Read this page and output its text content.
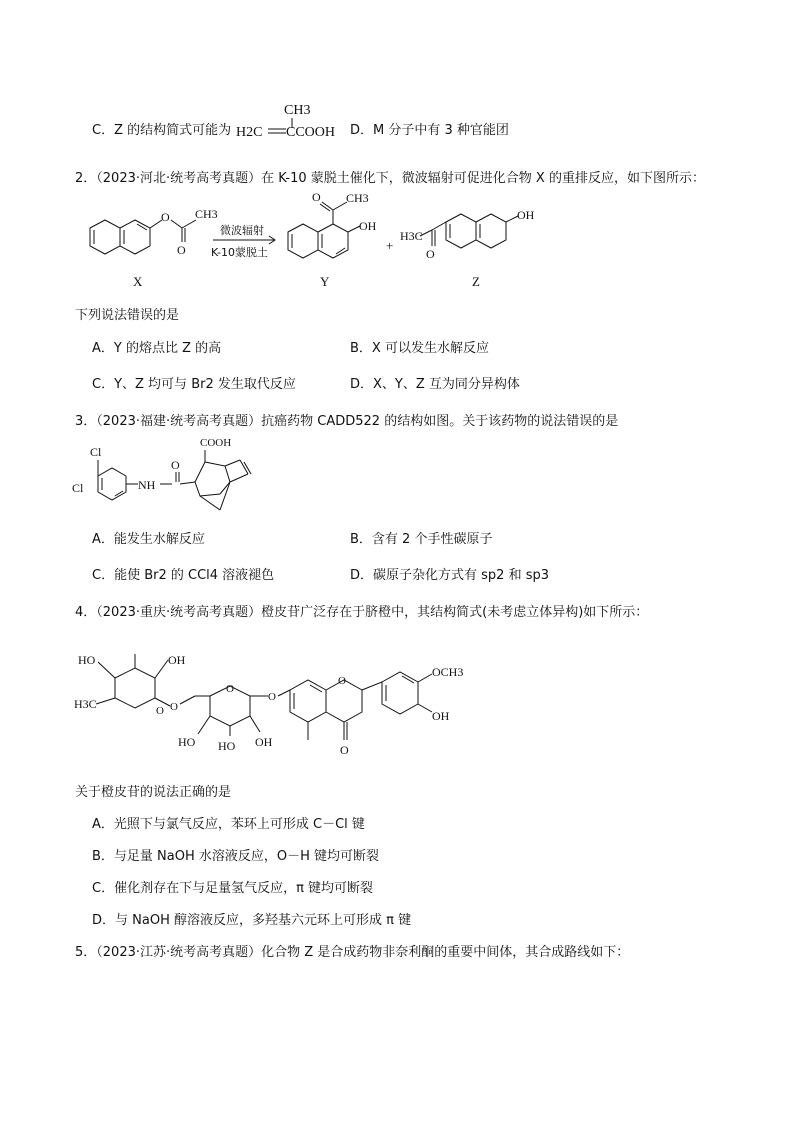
C．Z 的结构简式可能为
CH3
H2C CCOOH D．M 分子中有 3 种官能团
2．（2023·河北·统考高考真题）在 K-10 蒙脱土催化下，微波辐射可促进化合物 X 的重排反应，如下图所示：
O
O
CH3
X
微波辐射
K-10蒙脱土
O CH3
OH
Y
+
H3C
O
OH
Z
下列说法错误的是
A．Y 的熔点比 Z 的高	B．X 可以发生水解反应
C．Y、Z 均可与 Br2 发生取代反应	D．X、Y、Z 互为同分异构体
3．（2023·福建·统考高考真题）抗癌药物 CADD522 的结构如图。关于该药物的说法错误的是
Cl
Cl	NH
O
COOH
A．能发生水解反应	B．含有 2 个手性碳原子
C．能使 Br2 的 CCl4 溶液褪色	D．碳原子杂化方式有 sp2 和 sp3
4．（2023·重庆·统考高考真题）橙皮苷广泛存在于脐橙中，其结构简式(未考虑立体异构)如下所示：
HO	OH
H3C	O O
O
HO	OH
HO
O
O
O
OCH3
OH
关于橙皮苷的说法正确的是
A．光照下与氯气反应，苯环上可形成 C－Cl 键
B．与足量 NaOH 水溶液反应，O－H 键均可断裂
C．催化剂存在下与足量氢气反应，π 键均可断裂
D．与 NaOH 醇溶液反应，多羟基六元环上可形成 π 键
5．（2023·江苏·统考高考真题）化合物 Z 是合成药物非奈利酮的重要中间体，其合成路线如下：
